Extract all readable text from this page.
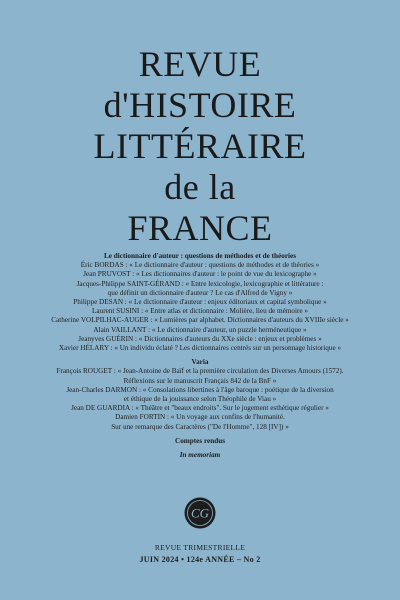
REVUE
d'HISTOIRE
LITTÉRAIRE
de la
FRANCE
Le dictionnaire d'auteur : questions de méthodes et de théories
Éric BORDAS : « Le dictionnaire d'auteur : questions de méthodes et de théories »
Jean PRUVOST : « Les dictionnaires d'auteur : le point de vue du lexicographe »
Jacques-Philippe SAINT-GÉRAND : « Entre lexicologie, lexicographie et littérature :
que définit un dictionnaire d'auteur ? Le cas d'Alfred de Vigny »
Philippe DESAN : « Le dictionnaire d'auteur : enjeux éditoriaux et capital symbolique »
Laurent SUSINI : « Entre atlas et dictionnaire : Molière, lieu de mémoire »
Catherine VOLPILHAC-AUGER : « Lumières par alphabet. Dictionnaires d'auteurs du XVIIIe siècle »
Alain VAILLANT : « Le dictionnaire d'auteur, un puzzle herméneutique »
Jeanyves GUÉRIN : « Dictionnaires d'auteurs du XXe siècle : enjeux et problèmes »
Xavier HÉLARY : « Un individu éclaté ? Les dictionnaires centrés sur un personnage historique »
Varia
François ROUGET : « Jean-Antoine de Baïf et la première circulation des Diverses Amours (1572).
Réflexions sur le manuscrit Français 842 de la BnF »
Jean-Charles DARMON : « Consolations libertines à l'âge baroque : poétique de la diversion
et éthique de la jouissance selon Théophile de Viau »
Jean DE GUARDIA : « Théâtre et "beaux endroits". Sur le jugement esthétique régulier »
Damien FORTIN : « Un voyage aux confins de l'humanité.
Sur une remarque des Caractères ("De l'Homme", 128 [IV]) »
Comptes rendus
In memoriam
CG
REVUE TRIMESTRIELLE
JUIN 2024 • 124e ANNÉE – No 2
